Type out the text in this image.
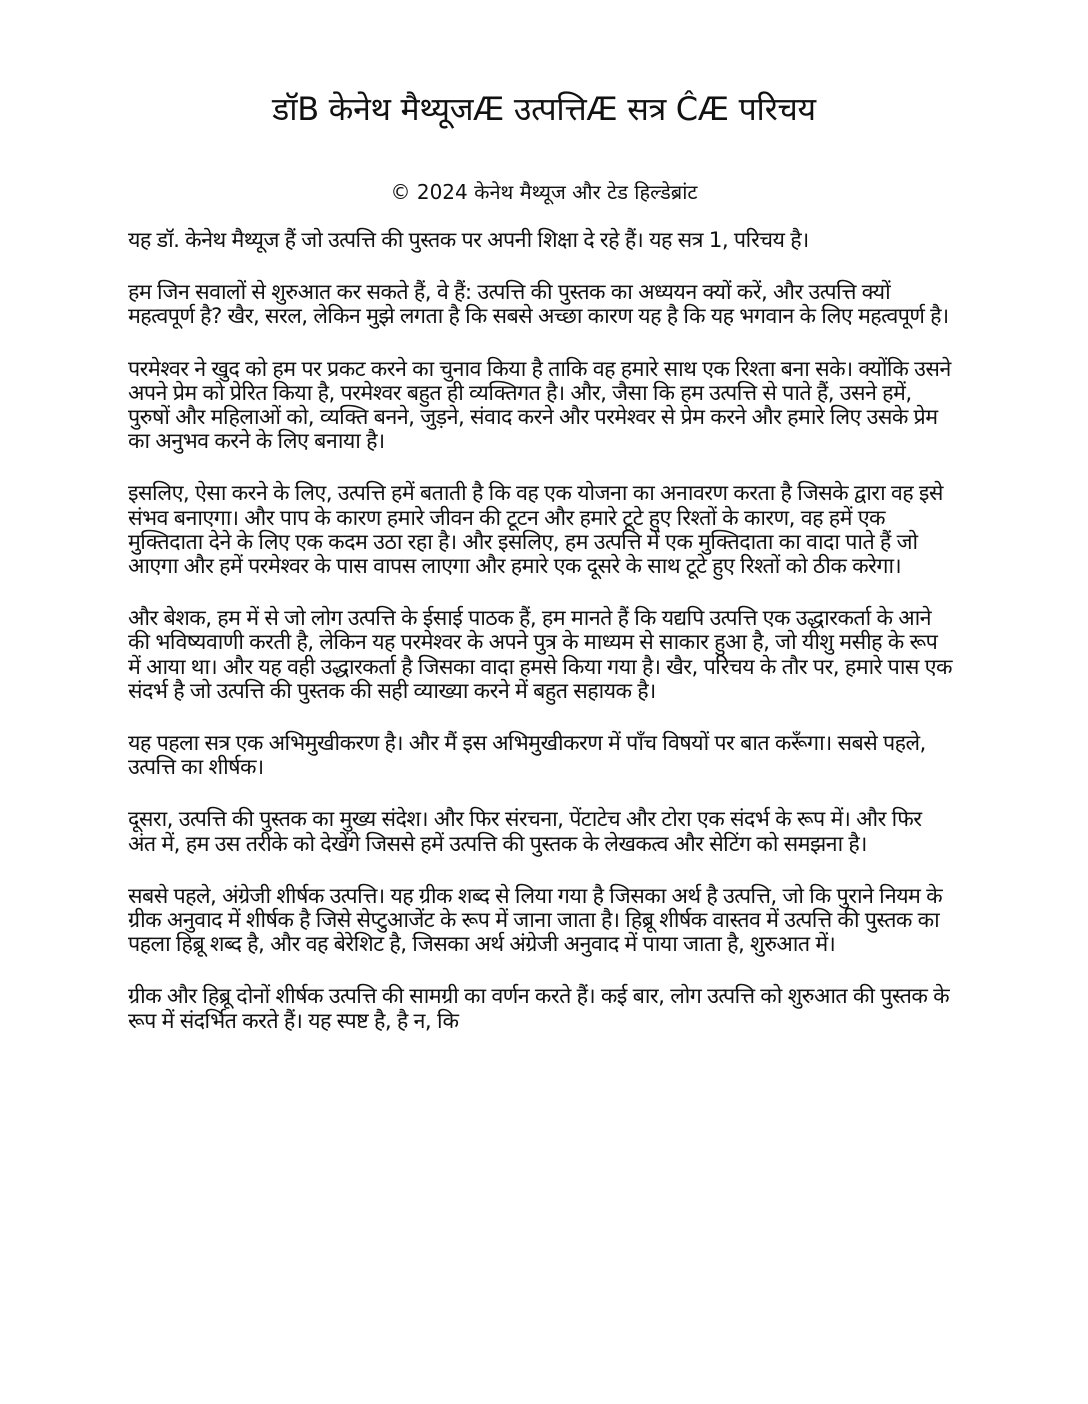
डॉB केनेथ मैथ्यूजÆ उत्पत्तिÆ सत्र ĈÆ परिचय

© 2024 केनेथ मैथ्यूज और टेड हिल्डेब्रांट

यह डॉ. केनेथ मैथ्यूज हैं जो उत्पत्ति की पुस्तक पर अपनी शिक्षा दे रहे हैं। यह सत्र 1, परिचय है।

हम जिन सवालों से शुरुआत कर सकते हैं, वे हैं: उत्पत्ति की पुस्तक का अध्ययन क्यों करें, और उत्पत्ति क्यों महत्वपूर्ण है? खैर, सरल, लेकिन मुझे लगता है कि सबसे अच्छा कारण यह है कि यह भगवान के लिए महत्वपूर्ण है।

परमेश्वर ने खुद को हम पर प्रकट करने का चुनाव किया है ताकि वह हमारे साथ एक रिश्ता बना सके। क्योंकि उसने अपने प्रेम को प्रेरित किया है, परमेश्वर बहुत ही व्यक्तिगत है। और, जैसा कि हम उत्पत्ति से पाते हैं, उसने हमें, पुरुषों और महिलाओं को, व्यक्ति बनने, जुड़ने, संवाद करने और परमेश्वर से प्रेम करने और हमारे लिए उसके प्रेम का अनुभव करने के लिए बनाया है।

इसलिए, ऐसा करने के लिए, उत्पत्ति हमें बताती है कि वह एक योजना का अनावरण करता है जिसके द्वारा वह इसे संभव बनाएगा। और पाप के कारण हमारे जीवन की टूटन और हमारे टूटे हुए रिश्तों के कारण, वह हमें एक मुक्तिदाता देने के लिए एक कदम उठा रहा है। और इसलिए, हम उत्पत्ति में एक मुक्तिदाता का वादा पाते हैं जो आएगा और हमें परमेश्वर के पास वापस लाएगा और हमारे एक दूसरे के साथ टूटे हुए रिश्तों को ठीक करेगा।

और बेशक, हम में से जो लोग उत्पत्ति के ईसाई पाठक हैं, हम मानते हैं कि यद्यपि उत्पत्ति एक उद्धारकर्ता के आने की भविष्यवाणी करती है, लेकिन यह परमेश्वर के अपने पुत्र के माध्यम से साकार हुआ है, जो यीशु मसीह के रूप में आया था। और यह वही उद्धारकर्ता है जिसका वादा हमसे किया गया है। खैर, परिचय के तौर पर, हमारे पास एक संदर्भ है जो उत्पत्ति की पुस्तक की सही व्याख्या करने में बहुत सहायक है।

यह पहला सत्र एक अभिमुखीकरण है। और मैं इस अभिमुखीकरण में पाँच विषयों पर बात करूँगा। सबसे पहले, उत्पत्ति का शीर्षक।

दूसरा, उत्पत्ति की पुस्तक का मुख्य संदेश। और फिर संरचना, पेंटाटेच और टोरा एक संदर्भ के रूप में। और फिर अंत में, हम उस तरीके को देखेंगे जिससे हमें उत्पत्ति की पुस्तक के लेखकत्व और सेटिंग को समझना है।

सबसे पहले, अंग्रेजी शीर्षक उत्पत्ति। यह ग्रीक शब्द से लिया गया है जिसका अर्थ है उत्पत्ति, जो कि पुराने नियम के ग्रीक अनुवाद में शीर्षक है जिसे सेप्टुआजेंट के रूप में जाना जाता है। हिब्रू शीर्षक वास्तव में उत्पत्ति की पुस्तक का पहला हिब्रू शब्द है, और वह बेरेशिट है, जिसका अर्थ अंग्रेजी अनुवाद में पाया जाता है, शुरुआत में।

ग्रीक और हिब्रू दोनों शीर्षक उत्पत्ति की सामग्री का वर्णन करते हैं। कई बार, लोग उत्पत्ति को शुरुआत की पुस्तक के रूप में संदर्भित करते हैं। यह स्पष्ट है, है न, कि
